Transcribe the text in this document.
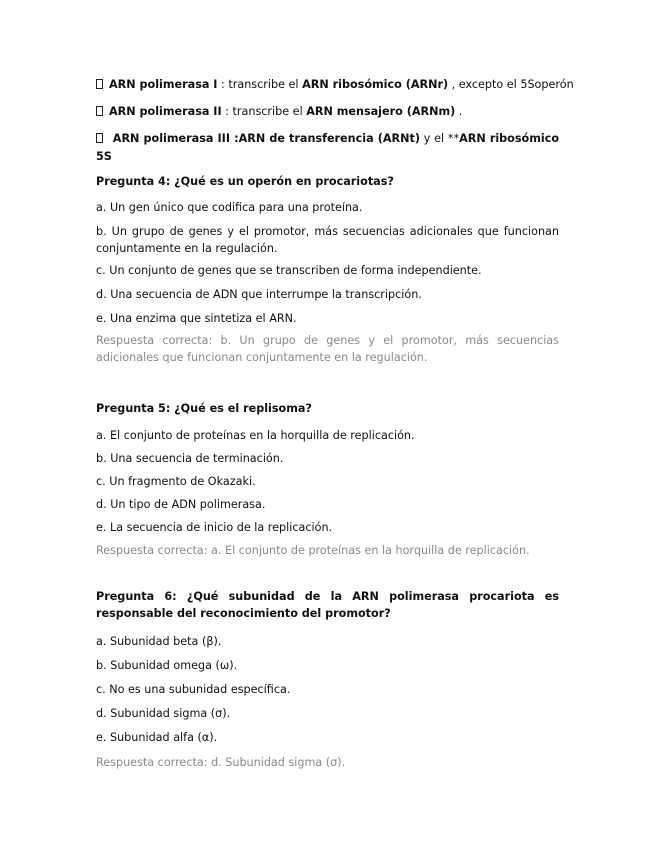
ARN polimerasa I : transcribe el ARN ribosómico (ARNr) , excepto el 5Soperón
ARN polimerasa II : transcribe el ARN mensajero (ARNm) .
ARN polimerasa III :ARN de transferencia (ARNt) y el **ARN ribosómico 5S
Pregunta 4: ¿Qué es un operón en procariotas?
a. Un gen único que codifica para una proteína.
b. Un grupo de genes y el promotor, más secuencias adicionales que funcionan conjuntamente en la regulación.
c. Un conjunto de genes que se transcriben de forma independiente.
d. Una secuencia de ADN que interrumpe la transcripción.
e. Una enzima que sintetiza el ARN.
Respuesta correcta: b. Un grupo de genes y el promotor, más secuencias adicionales que funcionan conjuntamente en la regulación.
Pregunta 5: ¿Qué es el replisoma?
a. El conjunto de proteínas en la horquilla de replicación.
b. Una secuencia de terminación.
c. Un fragmento de Okazaki.
d. Un tipo de ADN polimerasa.
e. La secuencia de inicio de la replicación.
Respuesta correcta: a. El conjunto de proteínas en la horquilla de replicación.
Pregunta 6: ¿Qué subunidad de la ARN polimerasa procariota es responsable del reconocimiento del promotor?
a. Subunidad beta (β).
b. Subunidad omega (ω).
c. No es una subunidad específica.
d. Subunidad sigma (σ).
e. Subunidad alfa (α).
Respuesta correcta: d. Subunidad sigma (σ).
